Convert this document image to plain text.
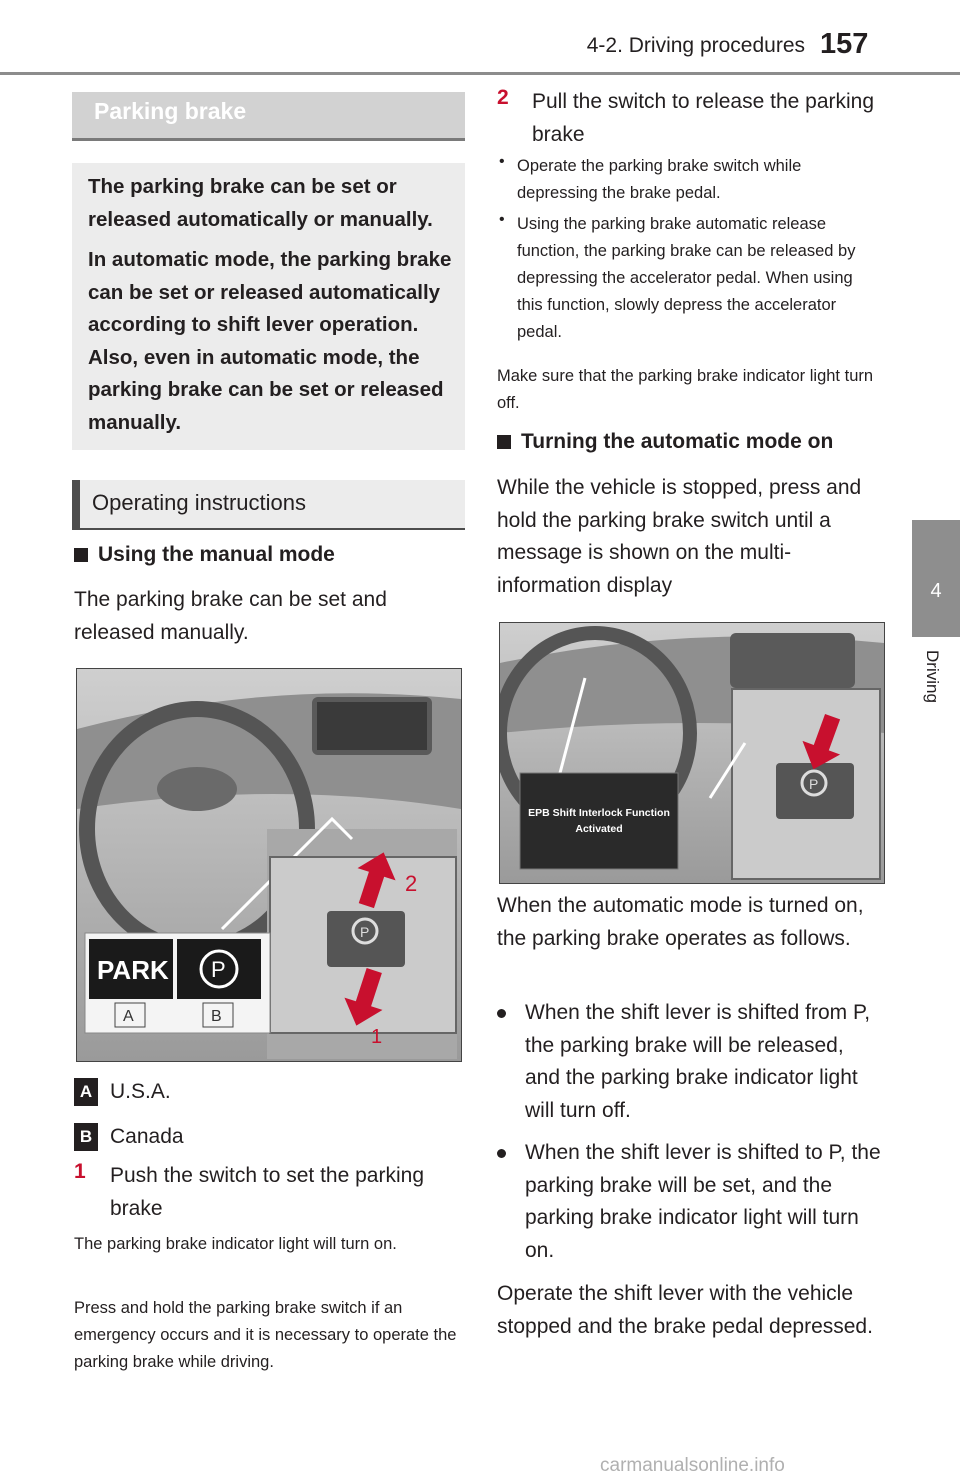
4-2. Driving procedures 157
4
Driving
Parking brake

The parking brake can be set or released automatically or manually.

In automatic mode, the parking brake can be set or released automatically according to shift lever operation. Also, even in automatic mode, the parking brake can be set or released manually.

Operating instructions
Using the manual mode

The parking brake can be set and released manually.

P
2
1
PARK P
A	B
A U.S.A.
B Canada
1 Push the switch to set the parking brake

The parking brake indicator light will turn on.

Press and hold the parking brake switch if an emergency occurs and it is necessary to operate the parking brake while driving.

2 Pull the switch to release the parking brake

• Operate the parking brake switch while depressing the brake pedal.

• Using the parking brake automatic release function, the parking brake can be released by depressing the accelerator pedal. When using this function, slowly depress the accelerator pedal.

Make sure that the parking brake indicator light turn off.

Turning the automatic mode on

While the vehicle is stopped, press and hold the parking brake switch until a message is shown on the multi-information display

P
EPB Shift Interlock Function
Activated

When the automatic mode is turned on, the parking brake operates as follows.

When the shift lever is shifted from P, the parking brake will be released, and the parking brake indicator light will turn off.

When the shift lever is shifted to P, the parking brake will be set, and the parking brake indicator light will turn on.

Operate the shift lever with the vehicle stopped and the brake pedal depressed.

carmanualsonline.info
